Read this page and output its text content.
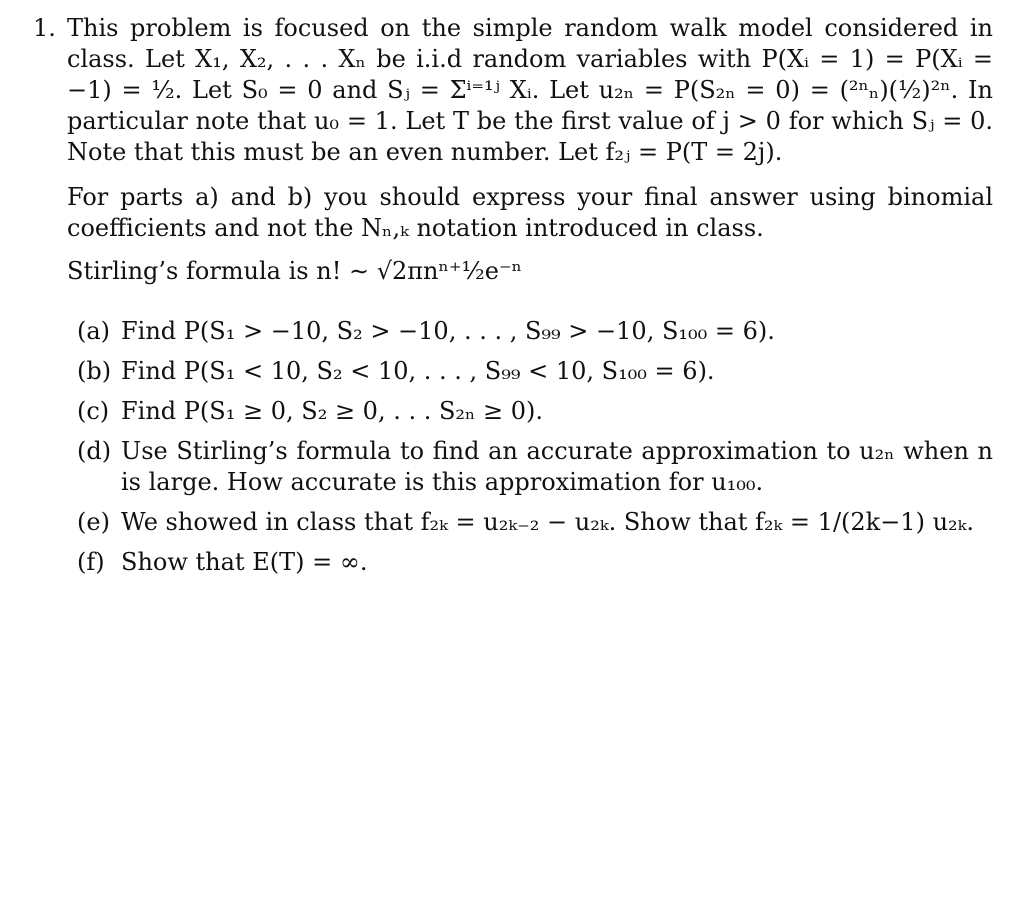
1. This problem is focused on the simple random walk model considered in class. Let X₁, X₂, . . . Xₙ be i.i.d random variables with P(Xᵢ = 1) = P(Xᵢ = −1) = ½. Let S₀ = 0 and Sⱼ = Σⁱ⁼¹ʲ Xᵢ. Let u₂ₙ = P(S₂ₙ = 0) = (²ⁿₙ)(½)²ⁿ. In particular note that u₀ = 1. Let T be the first value of j > 0 for which Sⱼ = 0. Note that this must be an even number. Let f₂ⱼ = P(T = 2j).

For parts a) and b) you should express your final answer using binomial coefficients and not the Nₙ,ₖ notation introduced in class.

Stirling’s formula is n! ∼ √2πnⁿ⁺½e⁻ⁿ

(a) Find P(S₁ > −10, S₂ > −10, . . . , S₉₉ > −10, S₁₀₀ = 6).
(b) Find P(S₁ < 10, S₂ < 10, . . . , S₉₉ < 10, S₁₀₀ = 6).
(c) Find P(S₁ ≥ 0, S₂ ≥ 0, . . . S₂ₙ ≥ 0).
(d) Use Stirling’s formula to find an accurate approximation to u₂ₙ when n is large. How accurate is this approximation for u₁₀₀.
(e) We showed in class that f₂ₖ = u₂ₖ₋₂ − u₂ₖ. Show that f₂ₖ = 1/(2k−1) u₂ₖ.
(f) Show that E(T) = ∞.
